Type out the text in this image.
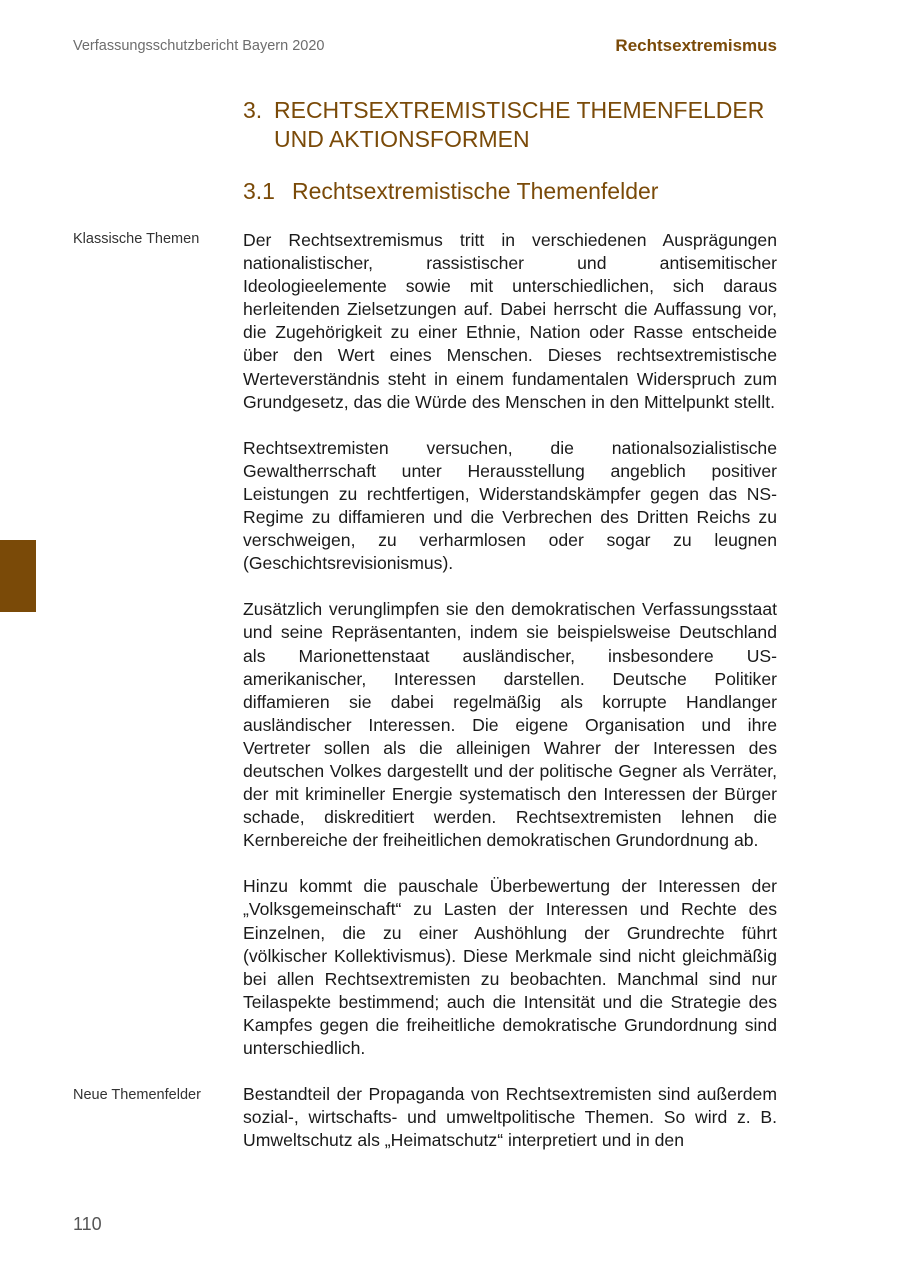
Verfassungsschutzbericht Bayern 2020	Rechtsextremismus
3. RECHTSEXTREMISTISCHE THEMENFELDER
UND AKTIONSFORMEN
3.1 Rechtsextremistische Themenfelder
Klassische Themen
Neue Themenfelder

Der Rechtsextremismus tritt in verschiedenen Ausprägungen nationalistischer, rassistischer und antisemitischer Ideologieelemente sowie mit unterschiedlichen, sich daraus herleitenden Zielsetzungen auf. Dabei herrscht die Auffassung vor, die Zugehörigkeit zu einer Ethnie, Nation oder Rasse entscheide über den Wert eines Menschen. Dieses rechtsextremistische Werteverständnis steht in einem fundamentalen Widerspruch zum Grundgesetz, das die Würde des Menschen in den Mittelpunkt stellt.

Rechtsextremisten versuchen, die nationalsozialistische Gewaltherrschaft unter Herausstellung angeblich positiver Leistungen zu rechtfertigen, Widerstandskämpfer gegen das NS-Regime zu diffamieren und die Verbrechen des Dritten Reichs zu verschweigen, zu verharmlosen oder sogar zu leugnen (Geschichtsrevisionismus).

Zusätzlich verunglimpfen sie den demokratischen Verfassungsstaat und seine Repräsentanten, indem sie beispielsweise Deutschland als Marionettenstaat ausländischer, insbesondere US-amerikanischer, Interessen darstellen. Deutsche Politiker diffamieren sie dabei regelmäßig als korrupte Handlanger ausländischer Interessen. Die eigene Organisation und ihre Vertreter sollen als die alleinigen Wahrer der Interessen des deutschen Volkes dargestellt und der politische Gegner als Verräter, der mit krimineller Energie systematisch den Interessen der Bürger schade, diskreditiert werden. Rechtsextremisten lehnen die Kernbereiche der freiheitlichen demokratischen Grundordnung ab.

Hinzu kommt die pauschale Überbewertung der Interessen der „Volksgemeinschaft“ zu Lasten der Interessen und Rechte des Einzelnen, die zu einer Aushöhlung der Grundrechte führt (völkischer Kollektivismus). Diese Merkmale sind nicht gleichmäßig bei allen Rechtsextremisten zu beobachten. Manchmal sind nur Teilaspekte bestimmend; auch die Intensität und die Strategie des Kampfes gegen die freiheitliche demokratische Grundordnung sind unterschiedlich.

Bestandteil der Propaganda von Rechtsextremisten sind außerdem sozial-, wirtschafts- und umweltpolitische Themen. So wird z. B. Umweltschutz als „Heimatschutz“ interpretiert und in den

110
